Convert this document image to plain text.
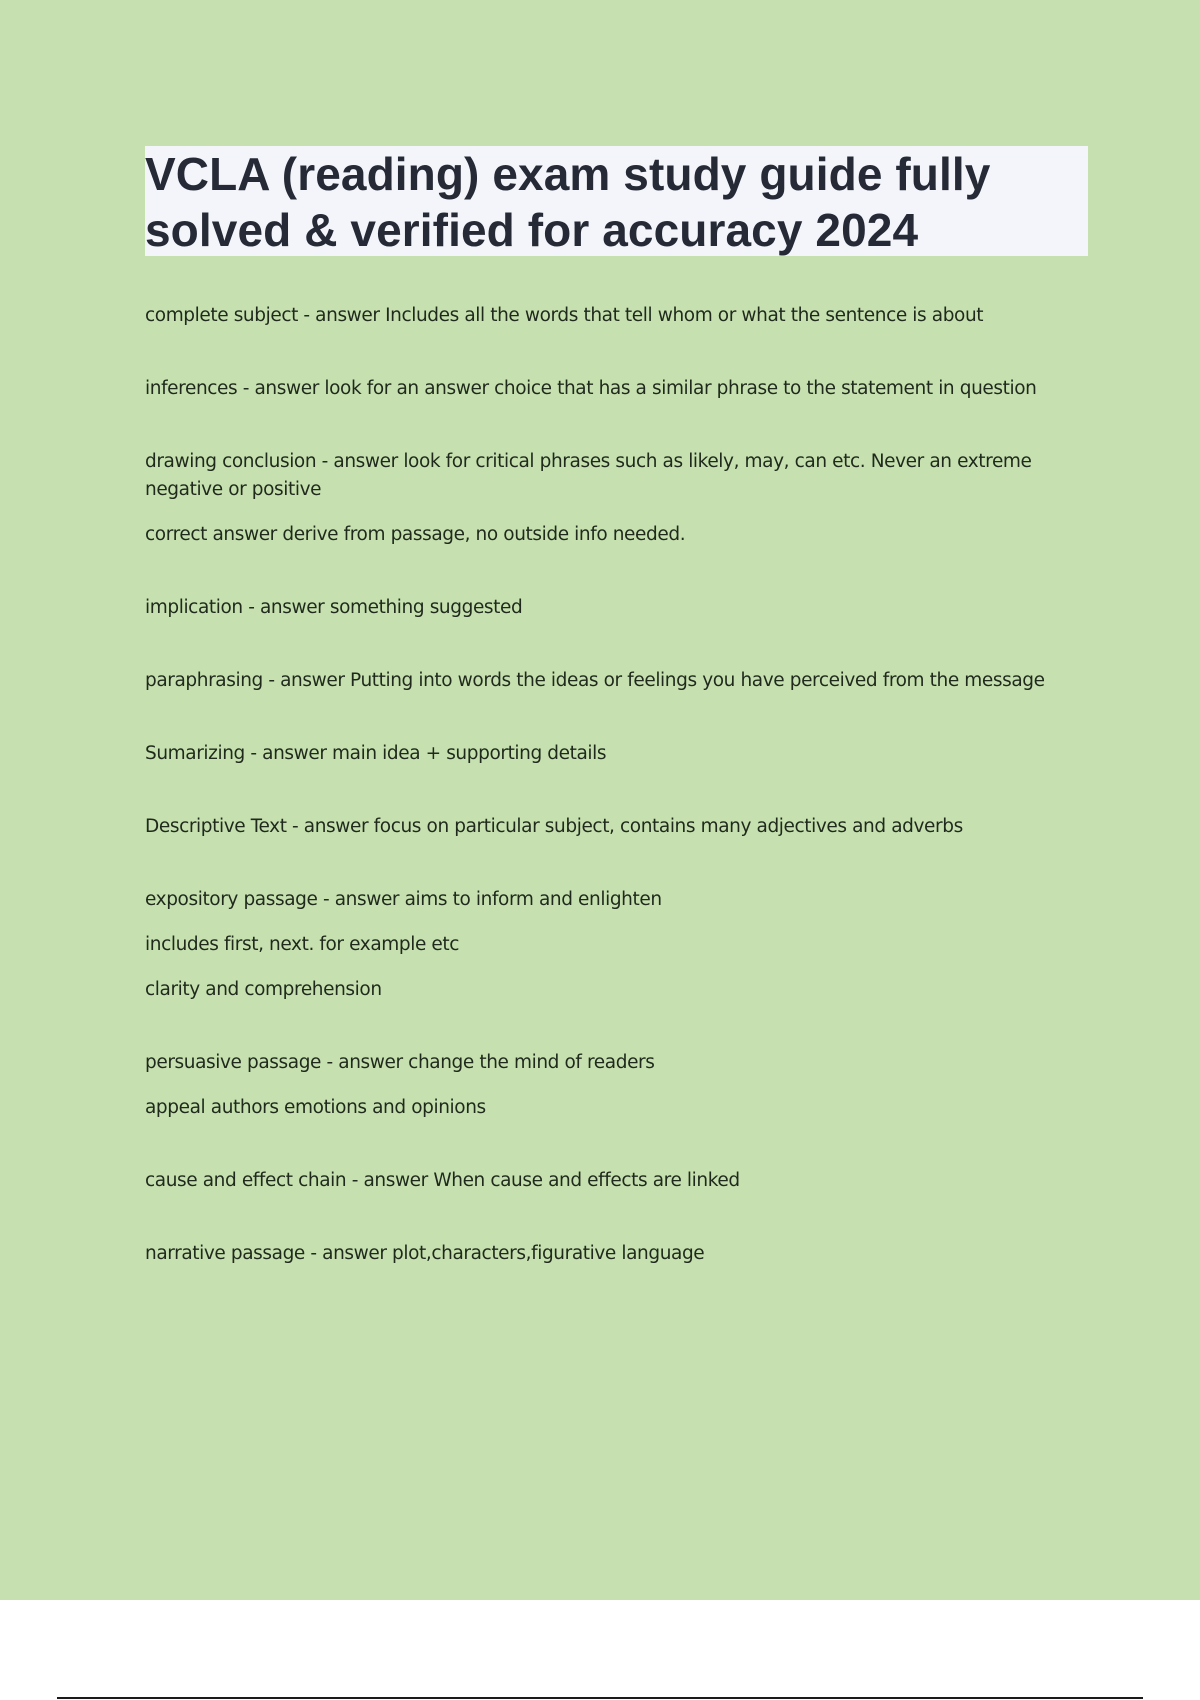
VCLA (reading) exam study guide fully solved & verified for accuracy 2024

complete subject - answer Includes all the words that tell whom or what the sentence is about

inferences - answer look for an answer choice that has a similar phrase to the statement in question

drawing conclusion - answer look for critical phrases such as likely, may, can etc. Never an extreme negative or positive

correct answer derive from passage, no outside info needed.

implication - answer something suggested

paraphrasing - answer Putting into words the ideas or feelings you have perceived from the message

Sumarizing - answer main idea + supporting details

Descriptive Text - answer focus on particular subject, contains many adjectives and adverbs

expository passage - answer aims to inform and enlighten

includes first, next. for example etc

clarity and comprehension

persuasive passage - answer change the mind of readers

appeal authors emotions and opinions

cause and effect chain - answer When cause and effects are linked

narrative passage - answer plot,characters,figurative language
